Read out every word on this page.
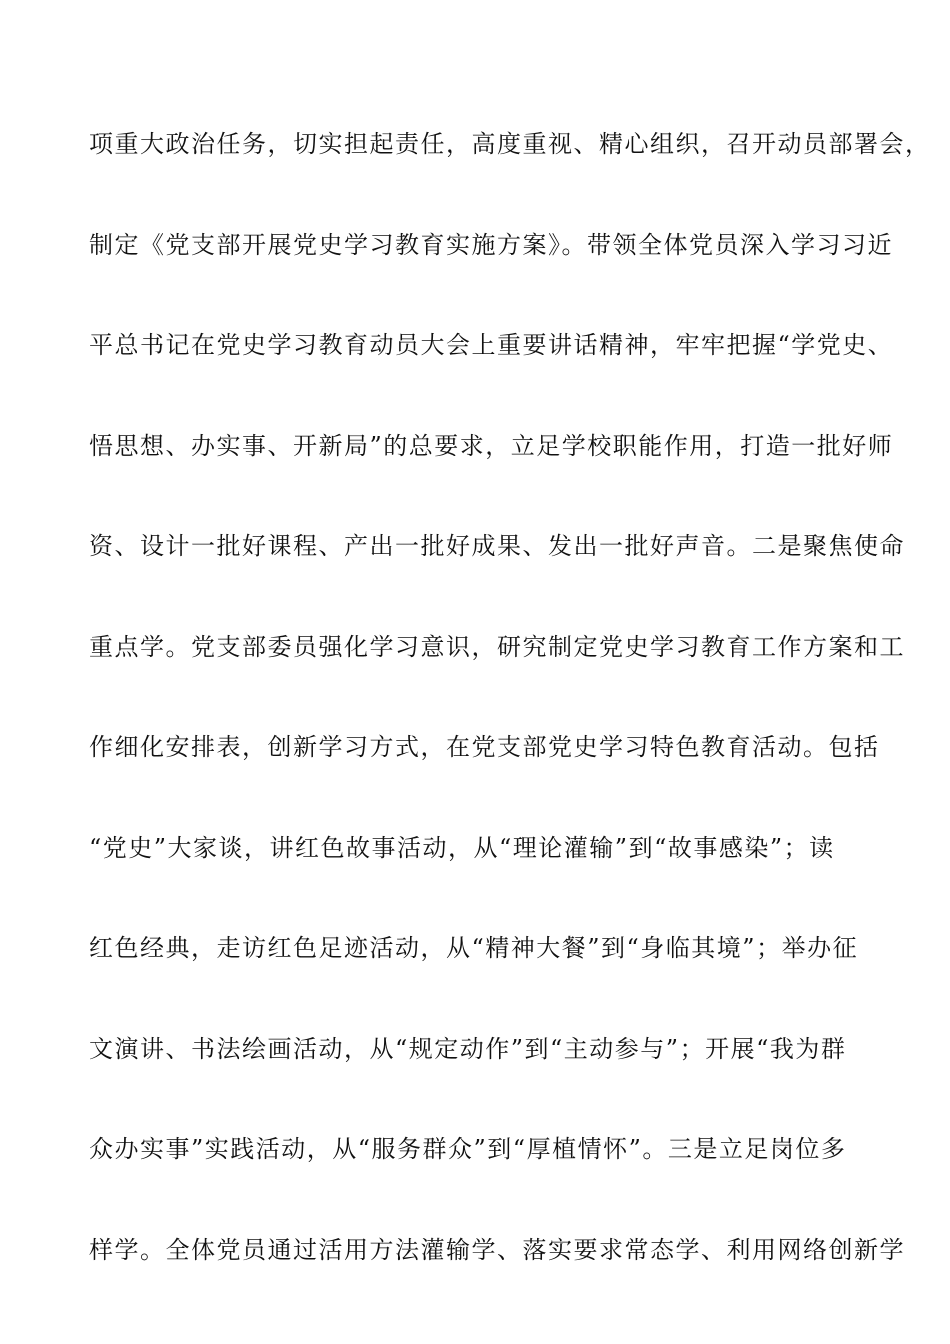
项重大政治任务，切实担起责任，高度重视、精心组织，召开动员部署会，
制定《党支部开展党史学习教育实施方案》。带领全体党员深入学习习近
平总书记在党史学习教育动员大会上重要讲话精神，牢牢把握“学党史、
悟思想、办实事、开新局”的总要求，立足学校职能作用，打造一批好师
资、设计一批好课程、产出一批好成果、发出一批好声音。二是聚焦使命
重点学。党支部委员强化学习意识，研究制定党史学习教育工作方案和工
作细化安排表，创新学习方式，在党支部党史学习特色教育活动。包括
“党史”大家谈，讲红色故事活动，从“理论灌输”到“故事感染”；读
红色经典，走访红色足迹活动，从“精神大餐”到“身临其境”；举办征
文演讲、书法绘画活动，从“规定动作”到“主动参与”；开展“我为群
众办实事”实践活动，从“服务群众”到“厚植情怀”。三是立足岗位多
样学。全体党员通过活用方法灌输学、落实要求常态学、利用网络创新学
